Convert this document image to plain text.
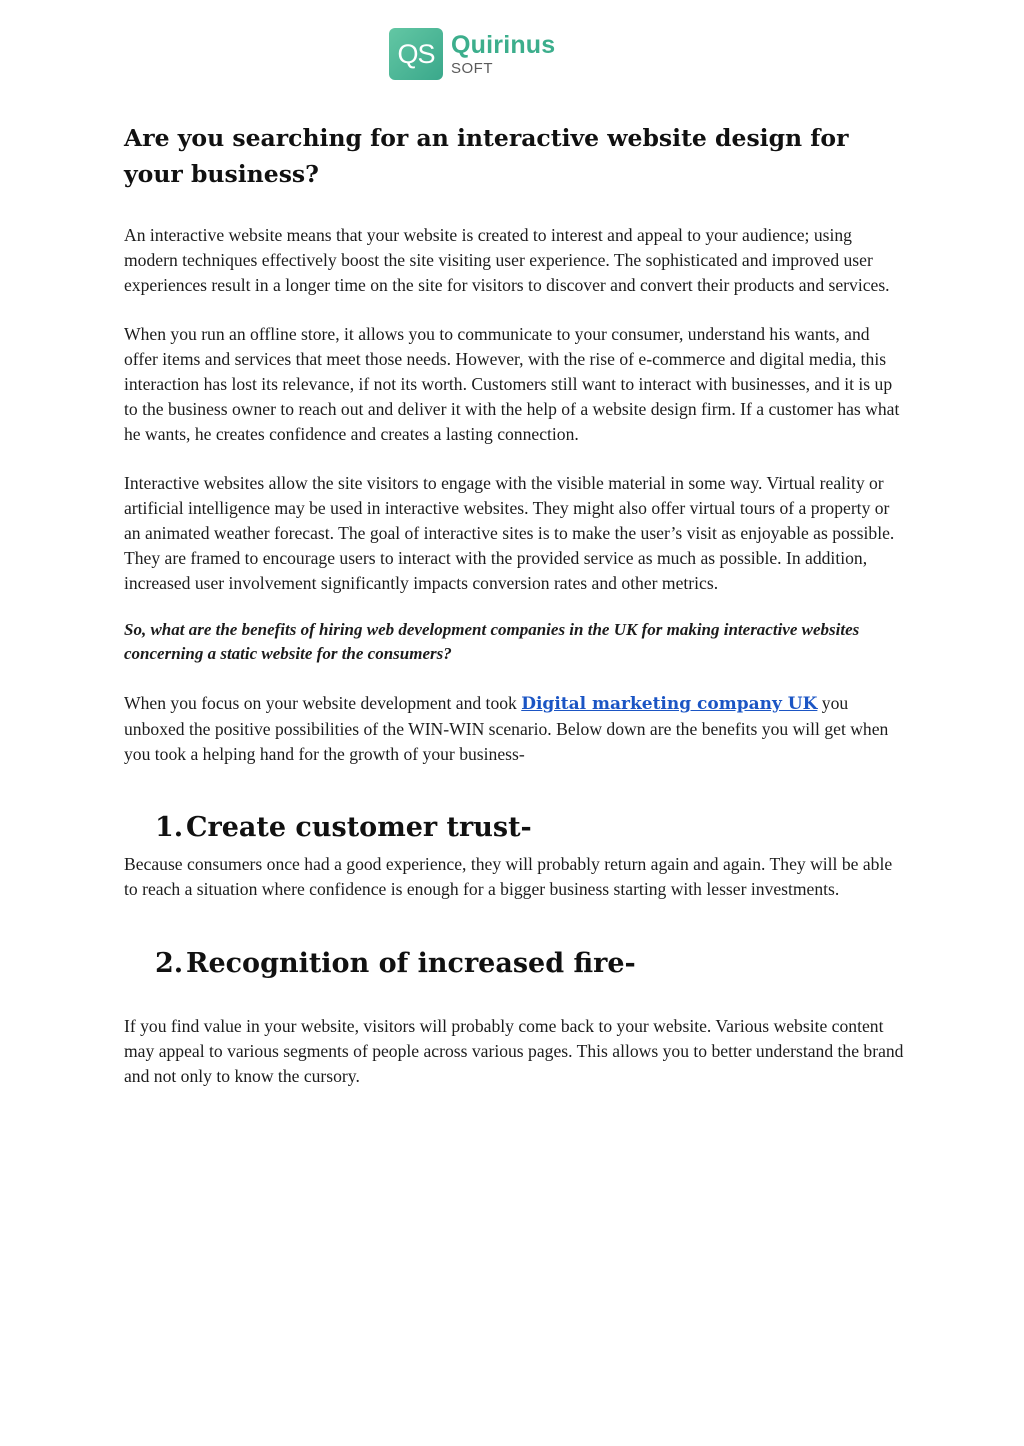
QS Quirinus
SOFT
Are you searching for an interactive website design for your business?

An interactive website means that your website is created to interest and appeal to your audience; using modern techniques effectively boost the site visiting user experience. The sophisticated and improved user experiences result in a longer time on the site for visitors to discover and convert their products and services.

When you run an offline store, it allows you to communicate to your consumer, understand his wants, and offer items and services that meet those needs. However, with the rise of e-commerce and digital media, this interaction has lost its relevance, if not its worth. Customers still want to interact with businesses, and it is up to the business owner to reach out and deliver it with the help of a website design firm. If a customer has what he wants, he creates confidence and creates a lasting connection.

Interactive websites allow the site visitors to engage with the visible material in some way. Virtual reality or artificial intelligence may be used in interactive websites. They might also offer virtual tours of a property or an animated weather forecast. The goal of interactive sites is to make the user’s visit as enjoyable as possible. They are framed to encourage users to interact with the provided service as much as possible. In addition, increased user involvement significantly impacts conversion rates and other metrics.

So, what are the benefits of hiring web development companies in the UK for making interactive websites concerning a static website for the consumers?

When you focus on your website development and took Digital marketing company UK you unboxed the positive possibilities of the WIN-WIN scenario. Below down are the benefits you will get when you took a helping hand for the growth of your business-

1. Create customer trust-

Because consumers once had a good experience, they will probably return again and again. They will be able to reach a situation where confidence is enough for a bigger business starting with lesser investments.

2. Recognition of increased fire-

If you find value in your website, visitors will probably come back to your website. Various website content may appeal to various segments of people across various pages. This allows you to better understand the brand and not only to know the cursory.
